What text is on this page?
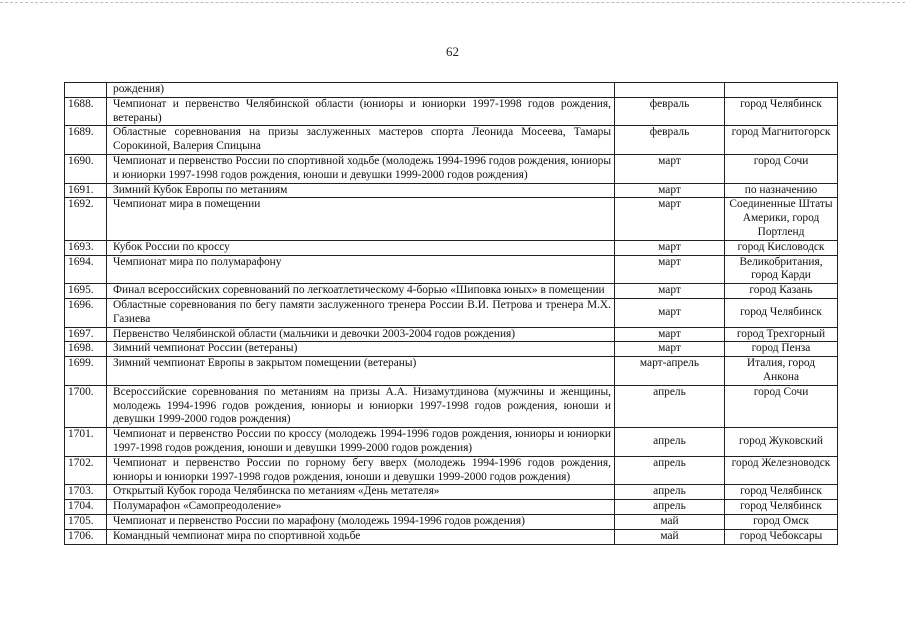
62
	рождения)		
1688.	Чемпионат и первенство Челябинской области (юниоры и юниорки 1997-1998 годов рождения, ветераны)	февраль	город Челябинск
1689.	Областные соревнования на призы заслуженных мастеров спорта Леонида Мосеева, Тамары Сорокиной, Валерия Спицына	февраль	город Магнитогорск
1690.	Чемпионат и первенство России по спортивной ходьбе (молодежь 1994-1996 годов рождения, юниоры и юниорки 1997-1998 годов рождения, юноши и девушки 1999-2000 годов рождения)	март	город Сочи
1691.	Зимний Кубок Европы по метаниям	март	по назначению
1692.	Чемпионат мира в помещении	март	Соединенные Штаты Америки, город Портленд
1693.	Кубок России по кроссу	март	город Кисловодск
1694.	Чемпионат мира по полумарафону	март	Великобритания, город Карди
1695.	Финал всероссийских соревнований по легкоатлетическому 4-борью «Шиповка юных» в помещении	март	город Казань
1696.	Областные соревнования по бегу памяти заслуженного тренера России В.И. Петрова и тренера М.Х. Газиева	март	город Челябинск
1697.	Первенство Челябинской области (мальчики и девочки 2003-2004 годов рождения)	март	город Трехгорный
1698.	Зимний чемпионат России (ветераны)	март	город Пенза
1699.	Зимний чемпионат Европы в закрытом помещении (ветераны)	март-апрель	Италия, город Анкона
1700.	Всероссийские соревнования по метаниям на призы А.А. Низамутдинова (мужчины и женщины, молодежь 1994-1996 годов рождения, юниоры и юниорки 1997-1998 годов рождения, юноши и девушки 1999-2000 годов рождения)	апрель	город Сочи
1701.	Чемпионат и первенство России по кроссу (молодежь 1994-1996 годов рождения, юниоры и юниорки 1997-1998 годов рождения, юноши и девушки 1999-2000 годов рождения)	апрель	город Жуковский
1702.	Чемпионат и первенство России по горному бегу вверх (молодежь 1994-1996 годов рождения, юниоры и юниорки 1997-1998 годов рождения, юноши и девушки 1999-2000 годов рождения)	апрель	город Железноводск
1703.	Открытый Кубок города Челябинска по метаниям «День метателя»	апрель	город Челябинск
1704.	Полумарафон «Самопреодоление»	апрель	город Челябинск
1705.	Чемпионат и первенство России по марафону (молодежь 1994-1996 годов рождения)	май	город Омск
1706.	Командный чемпионат мира по спортивной ходьбе	май	город Чебоксары
